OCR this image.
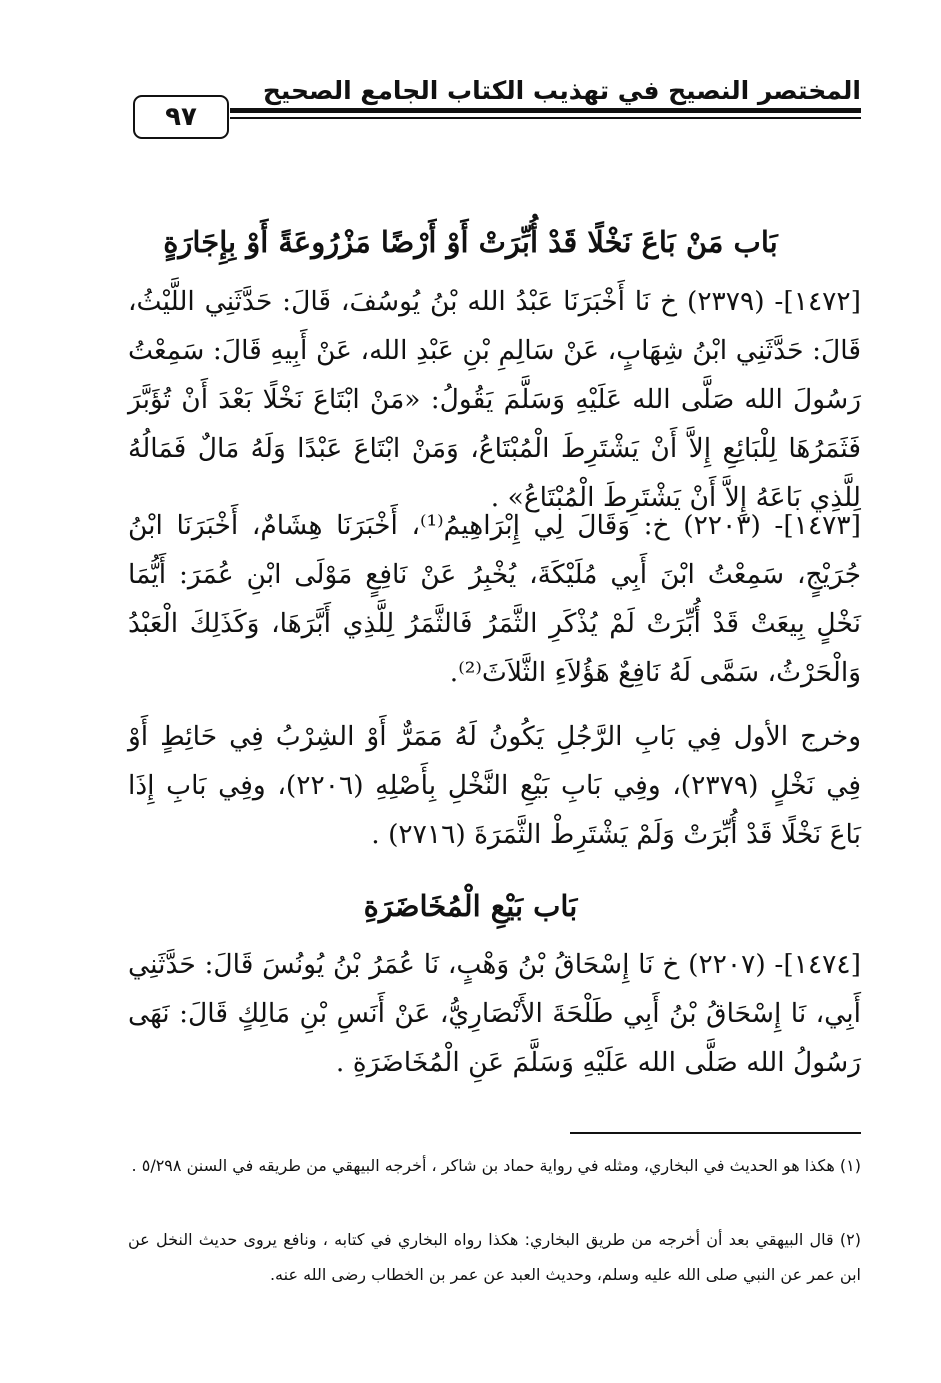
المختصر النصيح في تهذيب الكتاب الجامع الصحيح
٩٧
بَاب مَنْ بَاعَ نَخْلًا قَدْ أُبِّرَتْ أَوْ أَرْضًا مَزْرُوعَةً أَوْ بِإِجَارَةٍ
[١٤٧٢]- (٢٣٧٩) خ نَا أَخْبَرَنَا عَبْدُ الله بْنُ يُوسُفَ، قَالَ: حَدَّثَنِي اللَّيْثُ، قَالَ: حَدَّثَنِي ابْنُ شِهَابٍ، عَنْ سَالِمِ بْنِ عَبْدِ الله، عَنْ أَبِيهِ قَالَ: سَمِعْتُ رَسُولَ الله صَلَّى الله عَلَيْهِ وَسَلَّمَ يَقُولُ: «مَنْ ابْتَاعَ نَخْلًا بَعْدَ أَنْ تُؤَبَّرَ فَثَمَرُهَا لِلْبَائِعِ إِلاَّ أَنْ يَشْتَرِطَ الْمُبْتَاعُ، وَمَنْ ابْتَاعَ عَبْدًا وَلَهُ مَالٌ فَمَالُهُ لِلَّذِي بَاعَهُ إِلاَّ أَنْ يَشْتَرِطَ الْمُبْتَاعُ» .
[١٤٧٣]- (٢٢٠٣) خ: وَقَالَ لِي إِبْرَاهِيمُ⁽¹⁾، أَخْبَرَنَا هِشَامٌ، أَخْبَرَنَا ابْنُ جُرَيْجٍ، سَمِعْتُ ابْنَ أَبِي مُلَيْكَةَ، يُخْبِرُ عَنْ نَافِعٍ مَوْلَى ابْنِ عُمَرَ: أَيُّمَا نَخْلٍ بِيعَتْ قَدْ أُبِّرَتْ لَمْ يُذْكَرِ الثَّمَرُ فَالثَّمَرُ لِلَّذِي أَبَّرَهَا، وَكَذَلِكَ الْعَبْدُ وَالْحَرْثُ، سَمَّى لَهُ نَافِعٌ هَؤُلاَءِ الثَّلاَثَ⁽²⁾.
وخرج الأول فِي بَابِ الرَّجُلِ يَكُونُ لَهُ مَمَرٌّ أَوْ الشِرْبُ فِي حَائِطٍ أَوْ فِي نَخْلٍ (٢٣٧٩)، وفِي بَابِ بَيْعِ النَّخْلِ بِأَصْلِهِ (٢٢٠٦)، وفِي بَابِ إِذَا بَاعَ نَخْلًا قَدْ أُبِّرَتْ وَلَمْ يَشْتَرِطْ الثَّمَرَةَ (٢٧١٦) .
بَاب بَيْعِ الْمُخَاضَرَةِ
[١٤٧٤]- (٢٢٠٧) خ نَا إِسْحَاقُ بْنُ وَهْبٍ، نَا عُمَرُ بْنُ يُونُسَ قَالَ: حَدَّثَنِي أَبِي، نَا إِسْحَاقُ بْنُ أَبِي طَلْحَةَ الأَنْصَارِيُّ، عَنْ أَنَسِ بْنِ مَالِكٍ قَالَ: نَهَى رَسُولُ الله صَلَّى الله عَلَيْهِ وَسَلَّمَ عَنِ الْمُخَاضَرَةِ .
(١) هكذا هو الحديث في البخاري، ومثله في رواية حماد بن شاكر ، أخرجه البيهقي من طريقه في السنن ٥/٢٩٨ .
(٢) قال البيهقي بعد أن أخرجه من طريق البخاري: هكذا رواه البخاري في كتابه ، ونافع يروى حديث النخل عن ابن عمر عن النبي صلى الله عليه وسلم، وحديث العبد عن عمر بن الخطاب رضى الله عنه.
